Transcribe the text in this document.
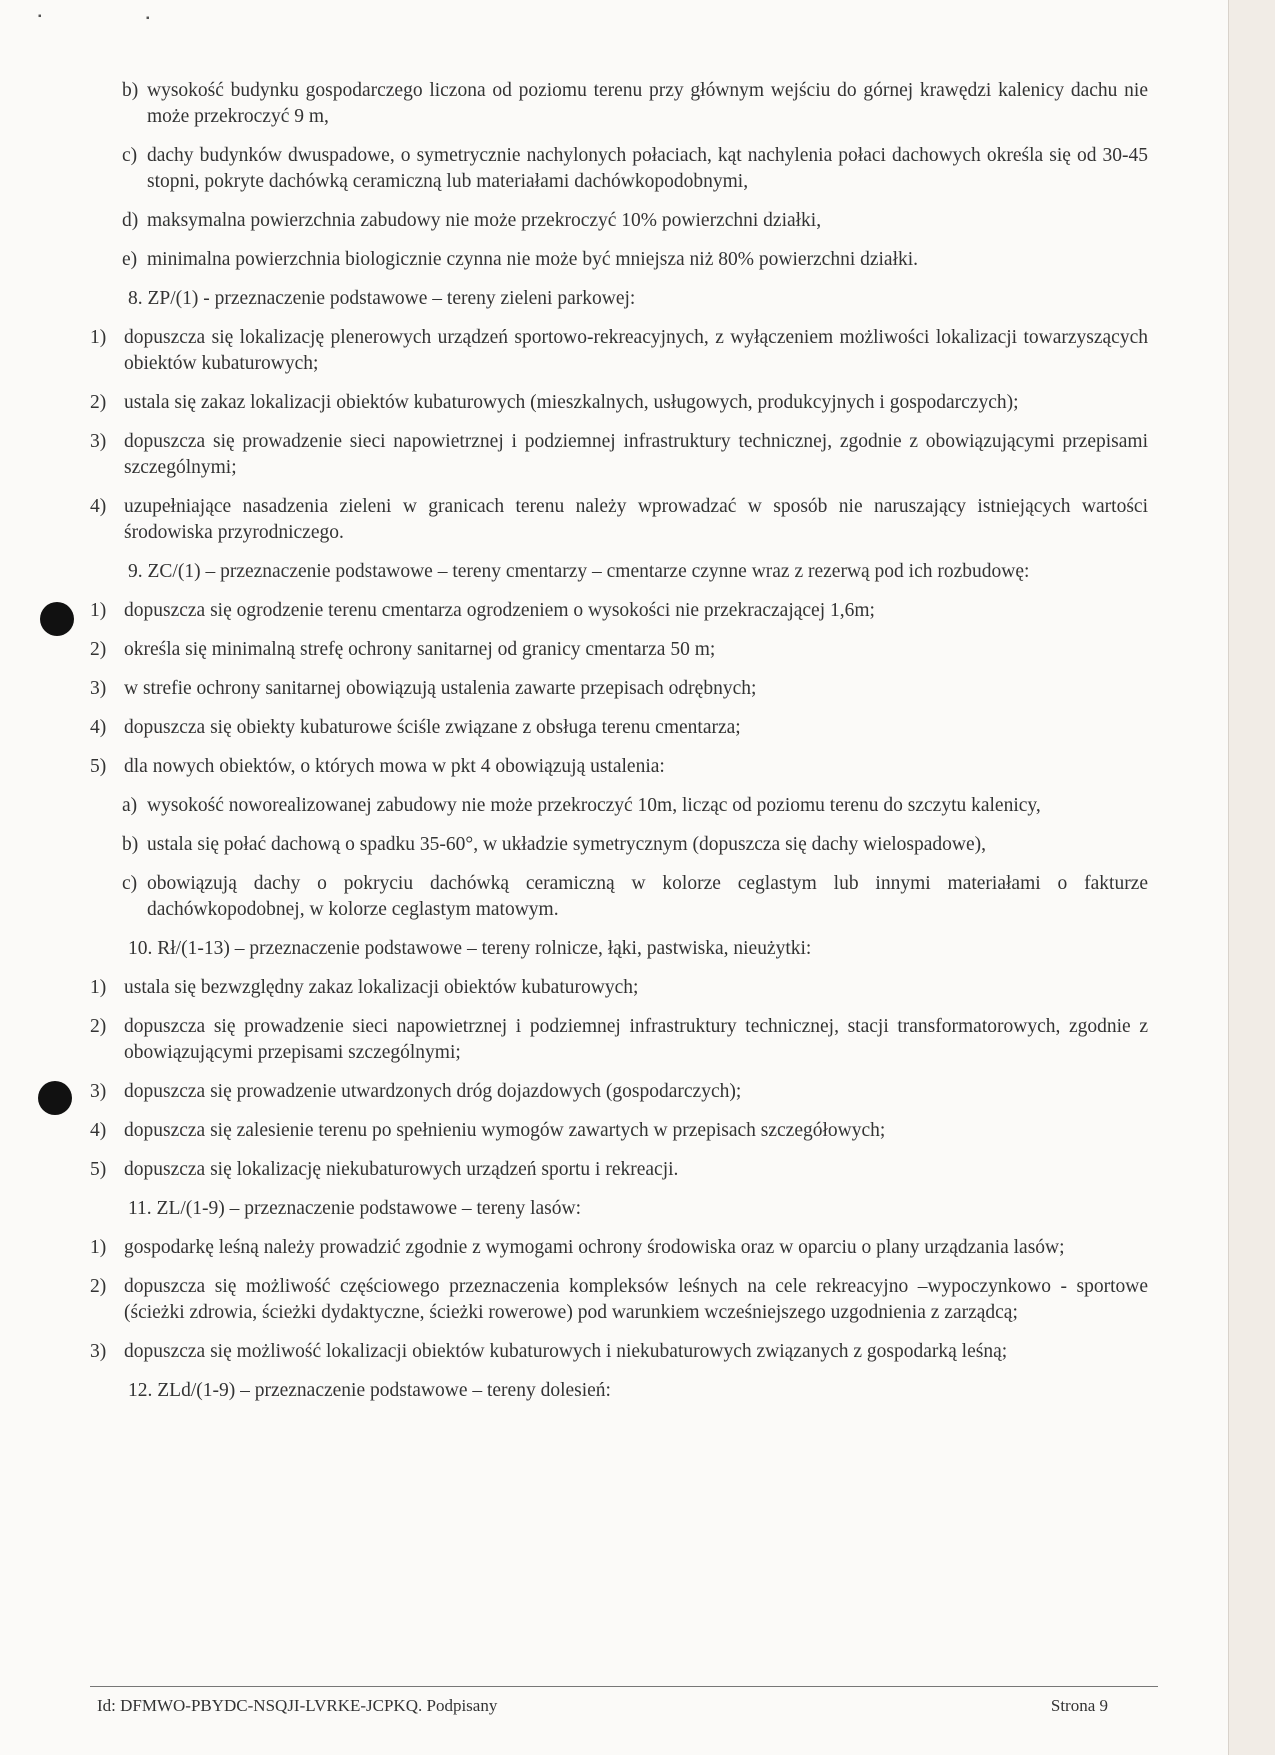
▪	▪
b) wysokość budynku gospodarczego liczona od poziomu terenu przy głównym wejściu do górnej krawędzi kalenicy dachu nie może przekroczyć 9 m,
c) dachy budynków dwuspadowe, o symetrycznie nachylonych połaciach, kąt nachylenia połaci dachowych określa się od 30-45 stopni, pokryte dachówką ceramiczną lub materiałami dachówkopodobnymi,
d) maksymalna powierzchnia zabudowy nie może przekroczyć 10% powierzchni działki,
e) minimalna powierzchnia biologicznie czynna nie może być mniejsza niż 80% powierzchni działki.
8. ZP/(1) - przeznaczenie podstawowe – tereny zieleni parkowej:
1) dopuszcza się lokalizację plenerowych urządzeń sportowo-rekreacyjnych, z wyłączeniem możliwości lokalizacji towarzyszących obiektów kubaturowych;
2) ustala się zakaz lokalizacji obiektów kubaturowych (mieszkalnych, usługowych, produkcyjnych i gospodarczych);
3) dopuszcza się prowadzenie sieci napowietrznej i podziemnej infrastruktury technicznej, zgodnie z obowiązującymi przepisami szczególnymi;
4) uzupełniające nasadzenia zieleni w granicach terenu należy wprowadzać w sposób nie naruszający istniejących wartości środowiska przyrodniczego.
9. ZC/(1) – przeznaczenie podstawowe – tereny cmentarzy – cmentarze czynne wraz z rezerwą pod ich rozbudowę:
1) dopuszcza się ogrodzenie terenu cmentarza ogrodzeniem o wysokości nie przekraczającej 1,6m;
2) określa się minimalną strefę ochrony sanitarnej od granicy cmentarza 50 m;
3) w strefie ochrony sanitarnej obowiązują ustalenia zawarte przepisach odrębnych;
4) dopuszcza się obiekty kubaturowe ściśle związane z obsługa terenu cmentarza;
5) dla nowych obiektów, o których mowa w pkt 4 obowiązują ustalenia:
a) wysokość noworealizowanej zabudowy nie może przekroczyć 10m, licząc od poziomu terenu do szczytu kalenicy,
b) ustala się połać dachową o spadku 35-60°, w układzie symetrycznym (dopuszcza się dachy wielospadowe),
c) obowiązują dachy o pokryciu dachówką ceramiczną w kolorze ceglastym lub innymi materiałami o fakturze dachówkopodobnej, w kolorze ceglastym matowym.
10. Rł/(1-13) – przeznaczenie podstawowe – tereny rolnicze, łąki, pastwiska, nieużytki:
1) ustala się bezwzględny zakaz lokalizacji obiektów kubaturowych;
2) dopuszcza się prowadzenie sieci napowietrznej i podziemnej infrastruktury technicznej, stacji transformatorowych, zgodnie z obowiązującymi przepisami szczególnymi;
3) dopuszcza się prowadzenie utwardzonych dróg dojazdowych (gospodarczych);
4) dopuszcza się zalesienie terenu po spełnieniu wymogów zawartych w przepisach szczegółowych;
5) dopuszcza się lokalizację niekubaturowych urządzeń sportu i rekreacji.
11. ZL/(1-9) – przeznaczenie podstawowe – tereny lasów:
1) gospodarkę leśną należy prowadzić zgodnie z wymogami ochrony środowiska oraz w oparciu o plany urządzania lasów;
2) dopuszcza się możliwość częściowego przeznaczenia kompleksów leśnych na cele rekreacyjno –wypoczynkowo - sportowe (ścieżki zdrowia, ścieżki dydaktyczne, ścieżki rowerowe) pod warunkiem wcześniejszego uzgodnienia z zarządcą;
3) dopuszcza się możliwość lokalizacji obiektów kubaturowych i niekubaturowych związanych z gospodarką leśną;
12. ZLd/(1-9) – przeznaczenie podstawowe – tereny dolesień:
Id: DFMWO-PBYDC-NSQJI-LVRKE-JCPKQ. Podpisany	Strona 9
